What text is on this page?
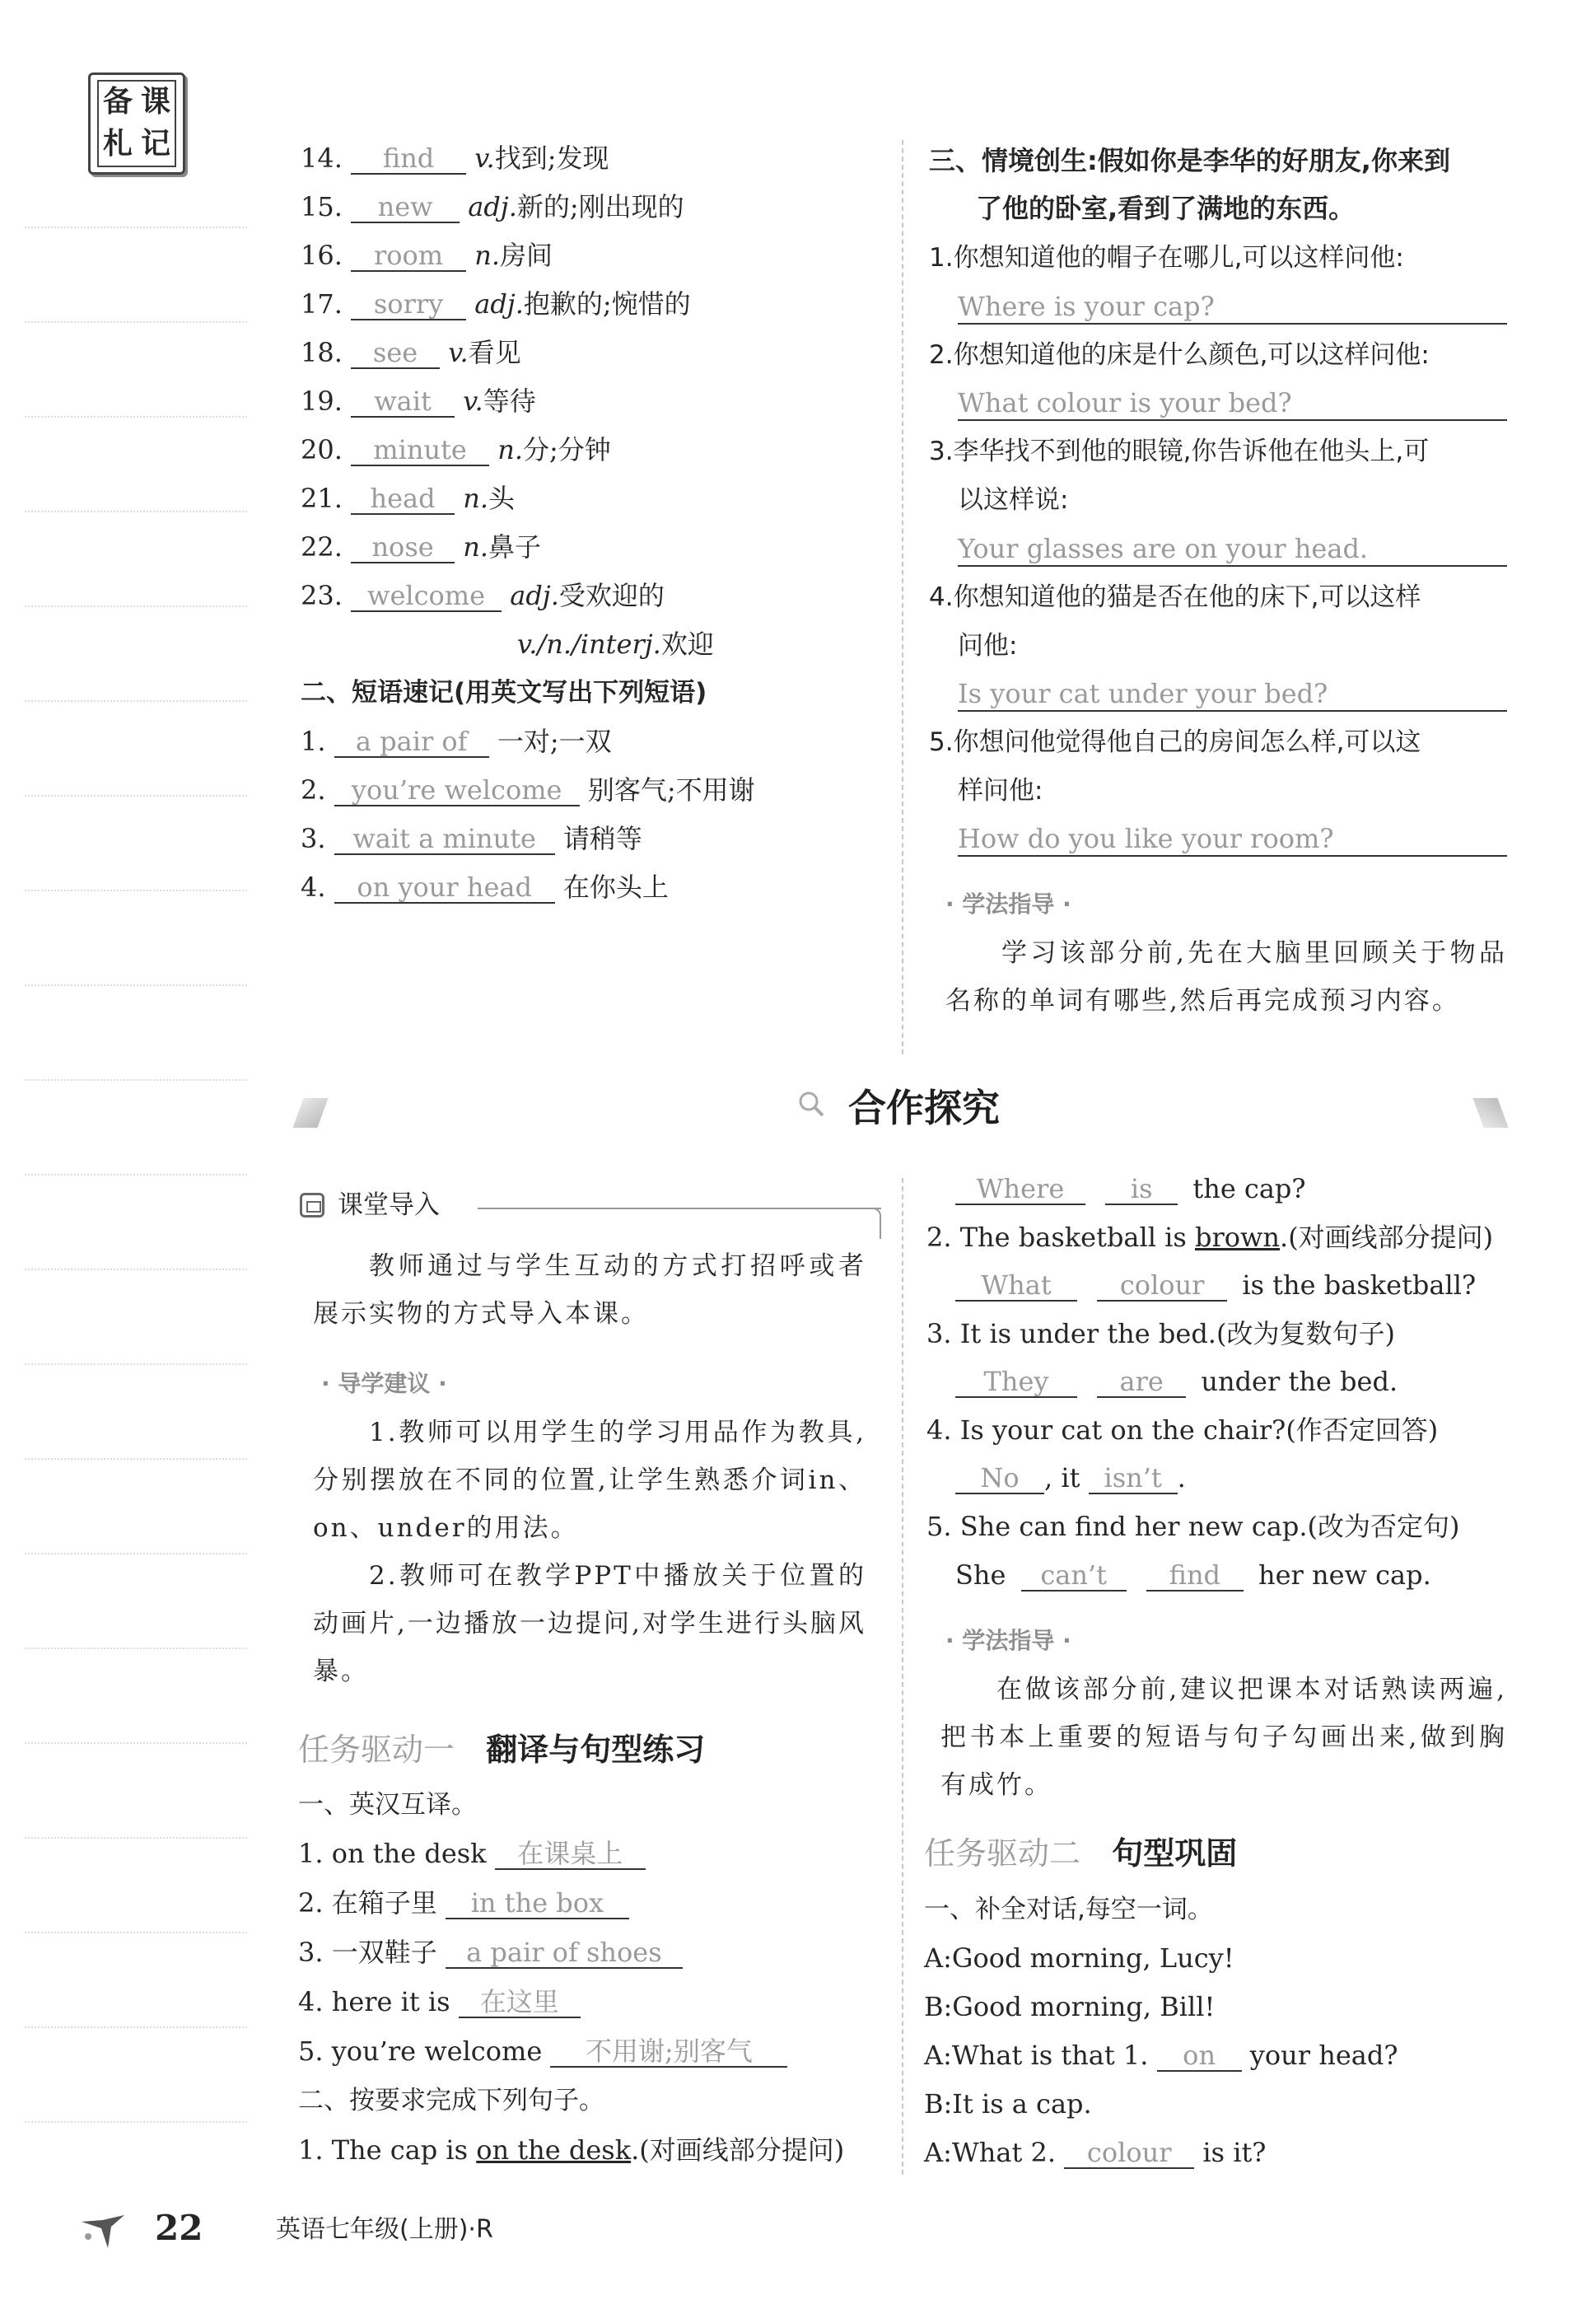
备 课
札 记	14. find v.找到;发现
15. new adj.新的;刚出现的
16. room n.房间
17. sorry adj.抱歉的;惋惜的
18. see v.看见
19. wait v.等待
20. minute n.分;分钟
21. head n.头
22. nose n.鼻子
23. welcome adj.受欢迎的
v./n./interj.欢迎
二、短语速记(用英文写出下列短语)
1. a pair of 一对;一双
2. you’re welcome 别客气;不用谢
3. wait a minute 请稍等
4. on your head 在你头上
三、情境创生:假如你是李华的好朋友,你来到
了他的卧室,看到了满地的东西。
1.你想知道他的帽子在哪儿,可以这样问他:
Where is your cap?
2.你想知道他的床是什么颜色,可以这样问他:
What colour is your bed?
3.李华找不到他的眼镜,你告诉他在他头上,可
以这样说:
Your glasses are on your head.
4.你想知道他的猫是否在他的床下,可以这样
问他:
Is your cat under your bed?
5.你想问他觉得他自己的房间怎么样,可以这
样问他:
How do you like your room?
· 学法指导 ·
学习该部分前,先在大脑里回顾关于物品名称的单词有哪些,然后再完成预习内容。
合作探究
课堂导入
教师通过与学生互动的方式打招呼或者展示实物的方式导入本课。
· 导学建议 ·
1.教师可以用学生的学习用品作为教具,分别摆放在不同的位置,让学生熟悉介词in、on、under的用法。
2.教师可在教学PPT中播放关于位置的动画片,一边播放一边提问,对学生进行头脑风暴。
任务驱动一 翻译与句型练习
一、英汉互译。
1. on the desk 在课桌上
2. 在箱子里 in the box
3. 一双鞋子 a pair of shoes
4. here it is 在这里
5. you’re welcome 不用谢;别客气
二、按要求完成下列句子。
1. The cap is on the desk.(对画线部分提问)
Where	is the cap?
2. The basketball is brown.(对画线部分提问)
What	colour is the basketball?
3. It is under the bed.(改为复数句子)
They	are under the bed.
4. Is your cat on the chair?(作否定回答)
No , it isn’t .
5. She can find her new cap.(改为否定句)
She can’t find her new cap.
· 学法指导 ·
在做该部分前,建议把课本对话熟读两遍,把书本上重要的短语与句子勾画出来,做到胸有成竹。
任务驱动二 句型巩固
一、补全对话,每空一词。
A:Good morning, Lucy!
B:Good morning, Bill!
A:What is that 1. on your head?
B:It is a cap.
A:What 2. colour is it?
22	英语七年级(上册)·R
